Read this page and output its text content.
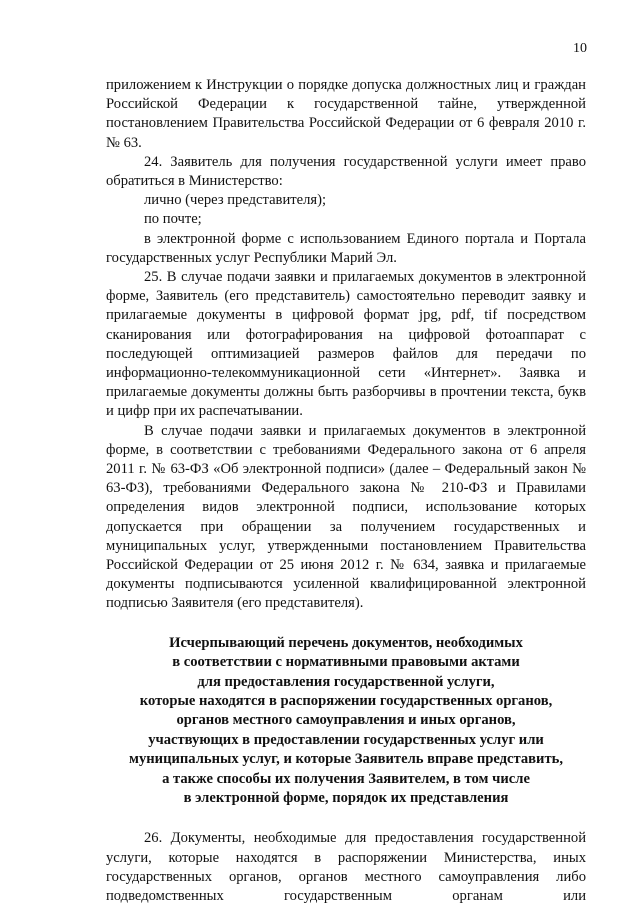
10

приложением к Инструкции о порядке допуска должностных лиц и граждан Российской Федерации к государственной тайне, утвержденной постановлением Правительства Российской Федерации от 6 февраля 2010 г. № 63.

24. Заявитель для получения государственной услуги имеет право обратиться в Министерство:

лично (через представителя);

по почте;

в электронной форме с использованием Единого портала и Портала государственных услуг Республики Марий Эл.

25. В случае подачи заявки и прилагаемых документов в электронной форме, Заявитель (его представитель) самостоятельно переводит заявку и прилагаемые документы в цифровой формат jpg, pdf, tif посредством сканирования или фотографирования на цифровой фотоаппарат с последующей оптимизацией размеров файлов для передачи по информационно-телекоммуникационной сети «Интернет». Заявка и прилагаемые документы должны быть разборчивы в прочтении текста, букв и цифр при их распечатывании.

В случае подачи заявки и прилагаемых документов в электронной форме, в соответствии с требованиями Федерального закона от 6 апреля 2011 г. № 63-ФЗ «Об электронной подписи» (далее – Федеральный закон № 63-ФЗ), требованиями Федерального закона № 210-ФЗ и Правилами определения видов электронной подписи, использование которых допускается при обращении за получением государственных и муниципальных услуг, утвержденными постановлением Правительства Российской Федерации от 25 июня 2012 г. № 634, заявка и прилагаемые документы подписываются усиленной квалифицированной электронной подписью Заявителя (его представителя).

Исчерпывающий перечень документов, необходимых
в соответствии с нормативными правовыми актами
для предоставления государственной услуги,
которые находятся в распоряжении государственных органов,
органов местного самоуправления и иных органов,
участвующих в предоставлении государственных услуг или
муниципальных услуг, и которые Заявитель вправе представить,
а также способы их получения Заявителем, в том числе
в электронной форме, порядок их представления

26. Документы, необходимые для предоставления государственной услуги, которые находятся в распоряжении Министерства, иных государственных органов, органов местного самоуправления либо подведомственных государственным органам или
